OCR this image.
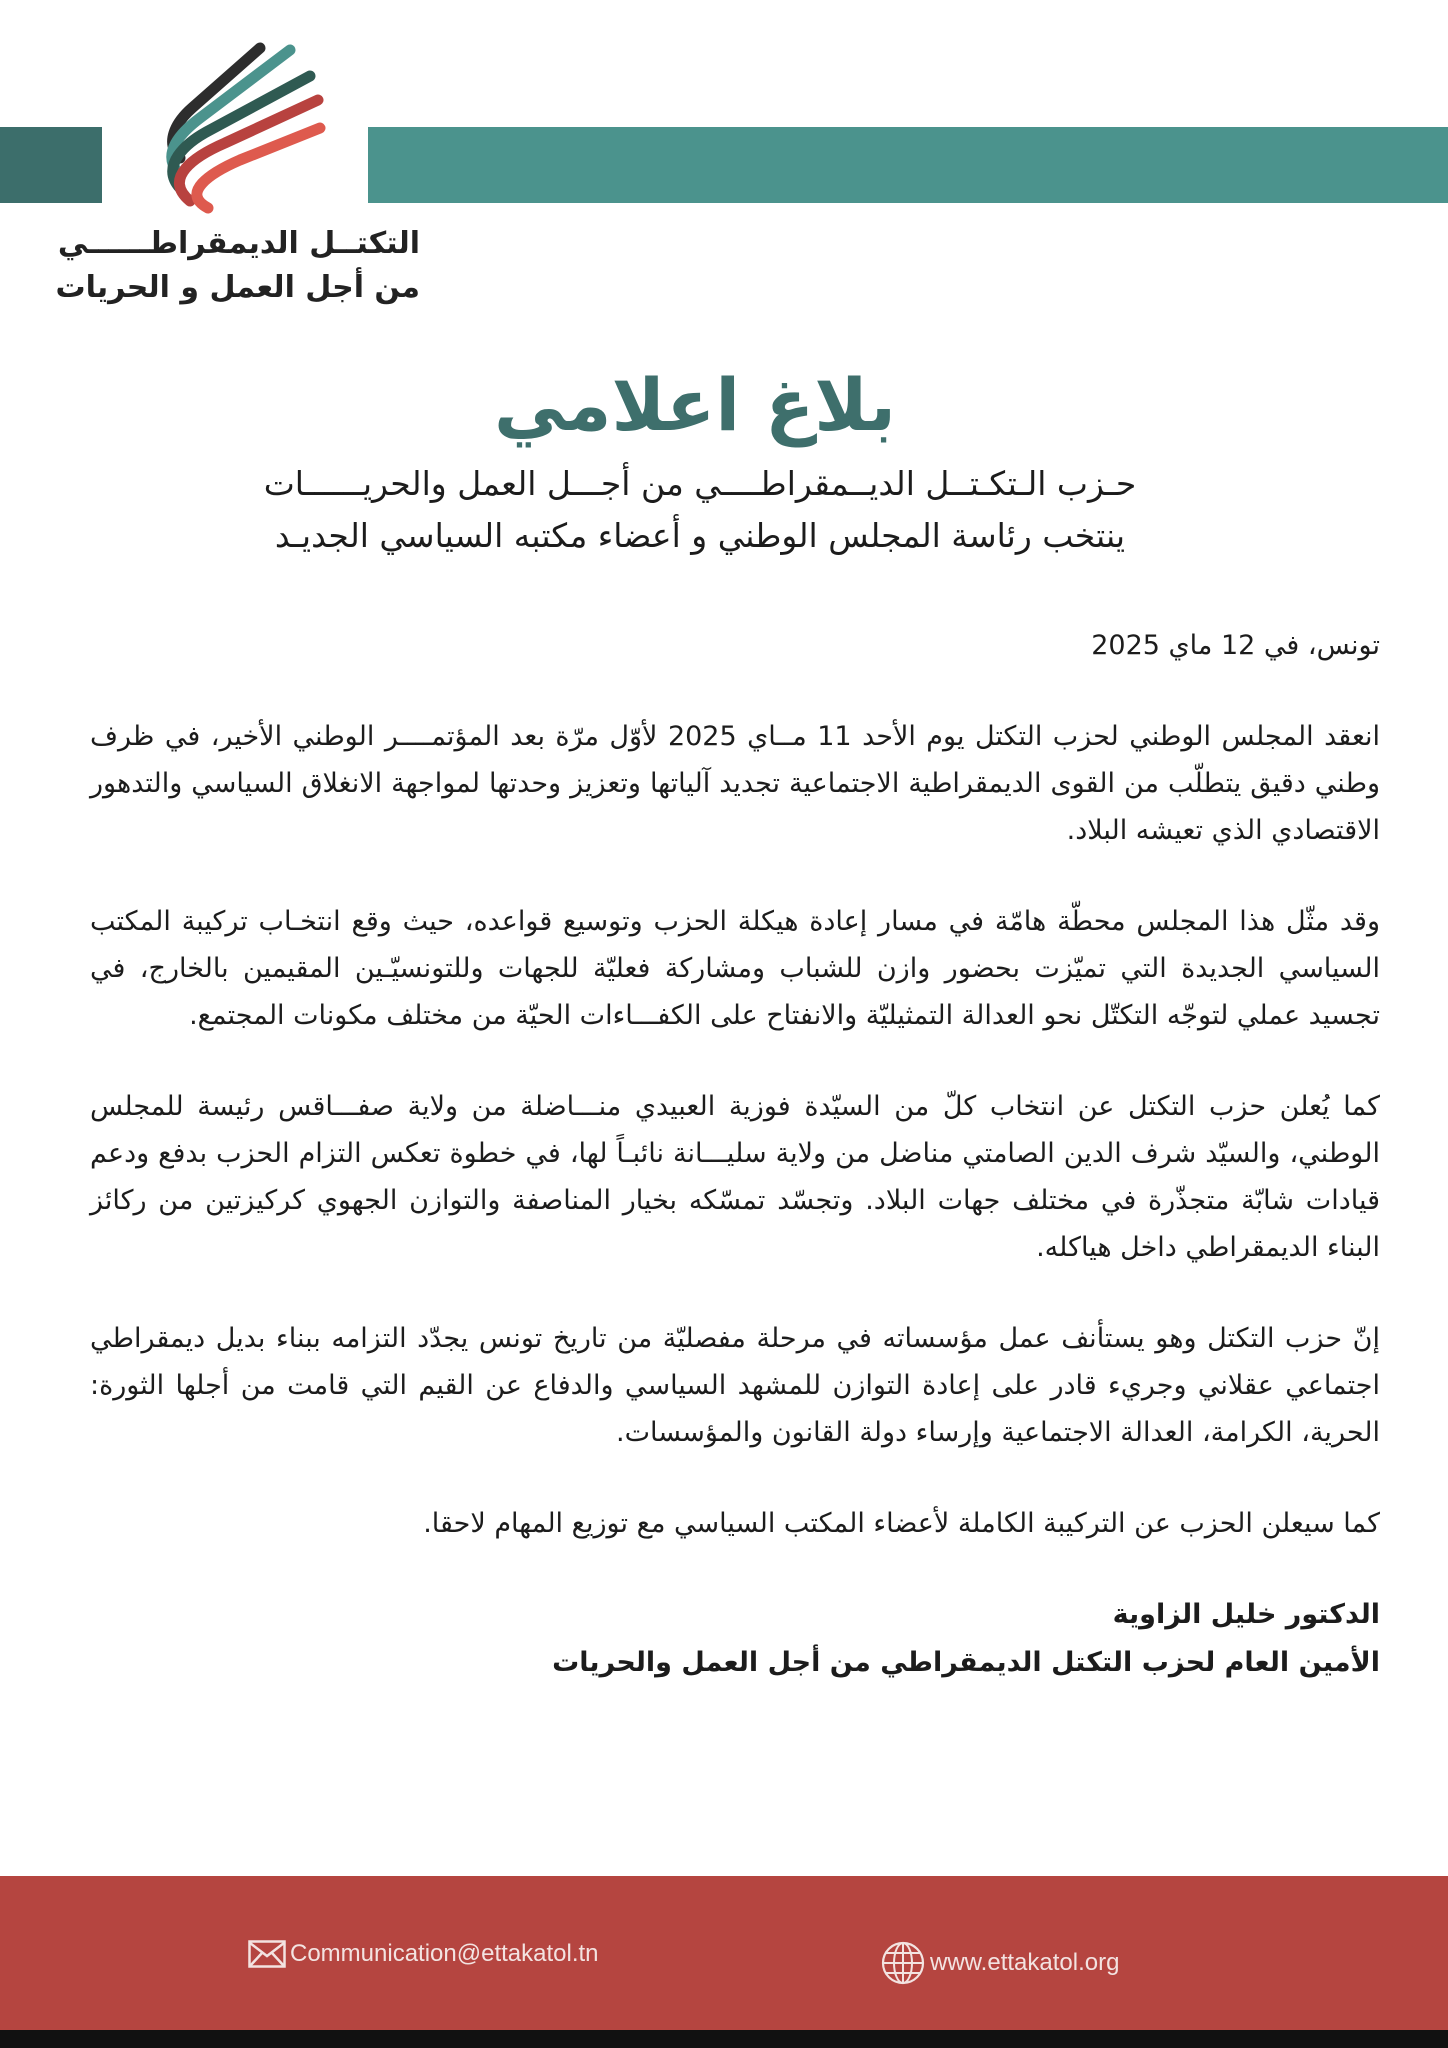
التكتــل الديمقراطــــــي
من أجل العمل و الحريات
بلاغ اعلامي
حـزب الـتكـتــل الديــمقراطــــي من أجـــل العمل والحريــــــات
ينتخب رئاسة المجلس الوطني و أعضاء مكتبه السياسي الجديـد

تونس، في 12 ماي 2025

انعقد المجلس الوطني لحزب التكتل يوم الأحد 11 مــاي 2025 لأوّل مرّة بعد المؤتمــــر الوطني الأخير، في ظرف وطني دقيق يتطلّب من القوى الديمقراطية الاجتماعية تجديد آلياتها وتعزيز وحدتها لمواجهة الانغلاق السياسي والتدهور الاقتصادي الذي تعيشه البلاد.

وقد مثّل هذا المجلس محطّة هامّة في مسار إعادة هيكلة الحزب وتوسيع قواعده، حيث وقع انتخـاب تركيبة المكتب السياسي الجديدة التي تميّزت بحضور وازن للشباب ومشاركة فعليّة للجهات وللتونسيّـين المقيمين بالخارج، في تجسيد عملي لتوجّه التكتّل نحو العدالة التمثيليّة والانفتاح على الكفـــاءات الحيّة من مختلف مكونات المجتمع.

كما يُعلن حزب التكتل عن انتخاب كلّ من السيّدة فوزية العبيدي منـــاضلة من ولاية صفـــاقس رئيسة للمجلس الوطني، والسيّد شرف الدين الصامتي مناضل من ولاية سليـــانة نائبـاً لها، في خطوة تعكس التزام الحزب بدفع ودعم قيادات شابّة متجذّرة في مختلف جهات البلاد. وتجسّد تمسّكه بخيار المناصفة والتوازن الجهوي كركيزتين من ركائز البناء الديمقراطي داخل هياكله.

إنّ حزب التكتل وهو يستأنف عمل مؤسساته في مرحلة مفصليّة من تاريخ تونس يجدّد التزامه ببناء بديل ديمقراطي اجتماعي عقلاني وجريء قادر على إعادة التوازن للمشهد السياسي والدفاع عن القيم التي قامت من أجلها الثورة: الحرية، الكرامة، العدالة الاجتماعية وإرساء دولة القانون والمؤسسات.

كما سيعلن الحزب عن التركيبة الكاملة لأعضاء المكتب السياسي مع توزيع المهام لاحقا.

الدكتور خليل الزاوية

الأمين العام لحزب التكتل الديمقراطي من أجل العمل والحريات

Communication@ettakatol.tn	www.ettakatol.org
